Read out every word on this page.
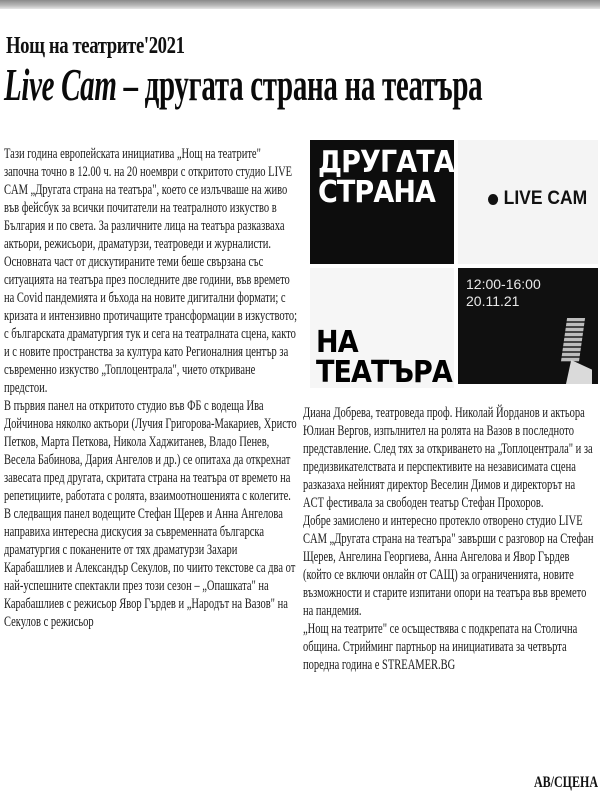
Нощ на театрите'2021
Live Cam – другата страна на театъра

Тази година европейската инициатива „Нощ на театрите" започна точно в 12.00 ч. на 20 ноември с откритото студио LIVE CAM „Другата страна на театъра", което се излъчваше на живо във фейсбук за всички почитатели на театралното изкуство в България и по света. За различните лица на театъра разказваха актьори, режисьори, драматурзи, театроведи и журналисти. Основната част от дискутираните теми беше свързана със ситуацията на театъра през последните две години, във времето на Covid пандемията и бъхода на новите дигитални формати; с кризата и интензивно протичащите трансформации в изкуството; с българската драматургия тук и сега на театралната сцена, както и с новите пространства за култура като Регионалния център за съвременно изкуство „Топлоцентрала", чието откриване предстои.

В първия панел на откритото студио във ФБ с водеща Ива Дойчинова няколко актьори (Лучия Григорова-Макариев, Христо Петков, Марта Петкова, Никола Хаджитанев, Владо Пенев, Весела Бабинова, Дария Ангелов и др.) се опитаха да открехнат завесата пред другата, скритата страна на театъра от времето на репетициите, работата с ролята, взаимоотношенията с колегите.

В следващия панел водещите Стефан Щерев и Анна Ангелова направиха интересна дискусия за съвременната българска драматургия с поканените от тях драматурзи Захари Карабашлиев и Александър Секулов, по чиито текстове са два от най-успешните спектакли през този сезон – „Опашката" на Карабашлиев с режисьор Явор Гърдев и „Народът на Вазов" на Секулов с режисьор

ДРУГАТА
СТРАНА	LIVE CAM
НА
ТЕАТЪРА
12:00-16:00
20.11.21

Диана Добрева, театроведа проф. Николай Йорданов и актьора Юлиан Вергов, изпълнител на ролята на Вазов в последното представление. След тях за откриването на „Топлоцентрала" и за предизвикателствата и перспективите на независимата сцена разказаха нейният директор Веселин Димов и директорът на ACT фестивала за свободен театър Стефан Прохоров.

Добре замислено и интересно протекло отворено студио LIVE CAM „Другата страна на театъра" завърши с разговор на Стефан Щерев, Ангелина Георгиева, Анна Ангелова и Явор Гърдев (който се включи онлайн от САЩ) за ограниченията, новите възможности и старите изпитани опори на театъра във времето на пандемия.

„Нощ на театрите" се осъществява с подкрепата на Столична община. Стрийминг партньор на инициативата за четвърта поредна година е STREAMER.BG

АВ/СЦЕНА
